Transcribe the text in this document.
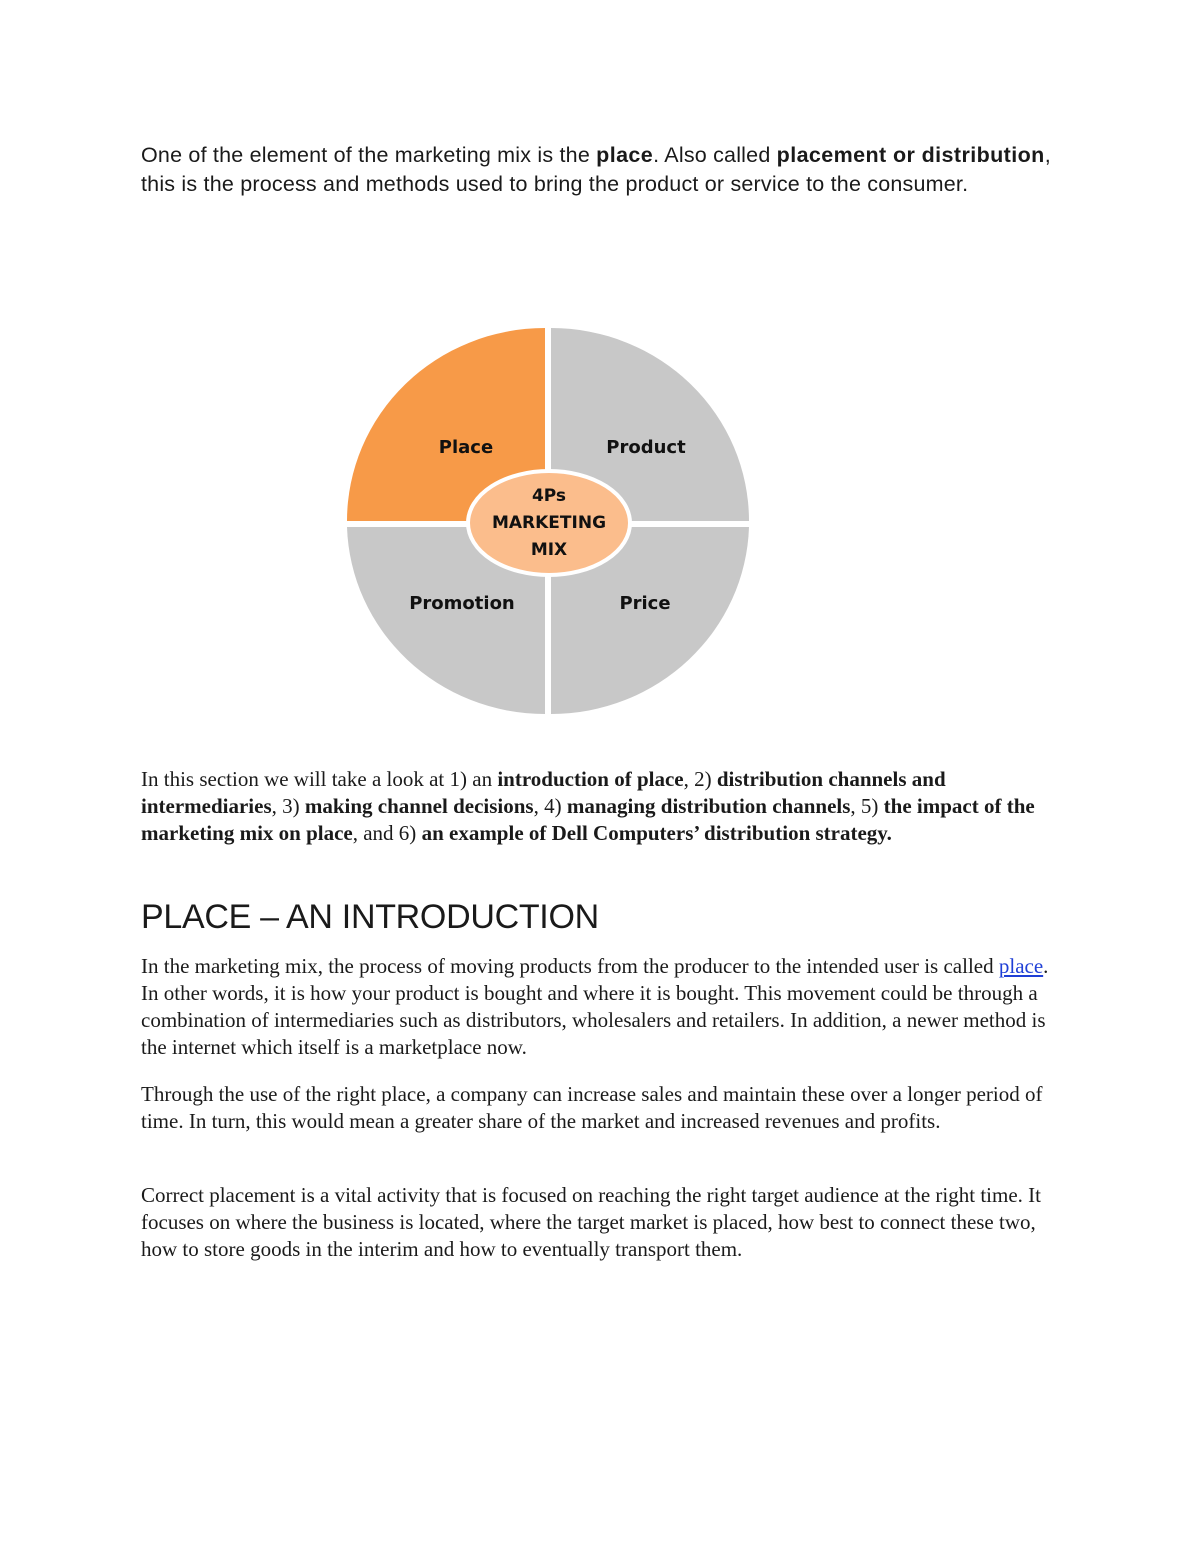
One of the element of the marketing mix is the place. Also called placement or distribution, this is the process and methods used to bring the product or service to the consumer.

Place	Product
Promotion	Price
4Ps
MARKETING
MIX

In this section we will take a look at 1) an introduction of place, 2) distribution channels and intermediaries, 3) making channel decisions, 4) managing distribution channels, 5) the impact of the marketing mix on place, and 6) an example of Dell Computers’ distribution strategy.

PLACE – AN INTRODUCTION

In the marketing mix, the process of moving products from the producer to the intended user is called place. In other words, it is how your product is bought and where it is bought. This movement could be through a combination of intermediaries such as distributors, wholesalers and retailers. In addition, a newer method is the internet which itself is a marketplace now.

Through the use of the right place, a company can increase sales and maintain these over a longer period of time. In turn, this would mean a greater share of the market and increased revenues and profits.

Correct placement is a vital activity that is focused on reaching the right target audience at the right time. It focuses on where the business is located, where the target market is placed, how best to connect these two, how to store goods in the interim and how to eventually transport them.
